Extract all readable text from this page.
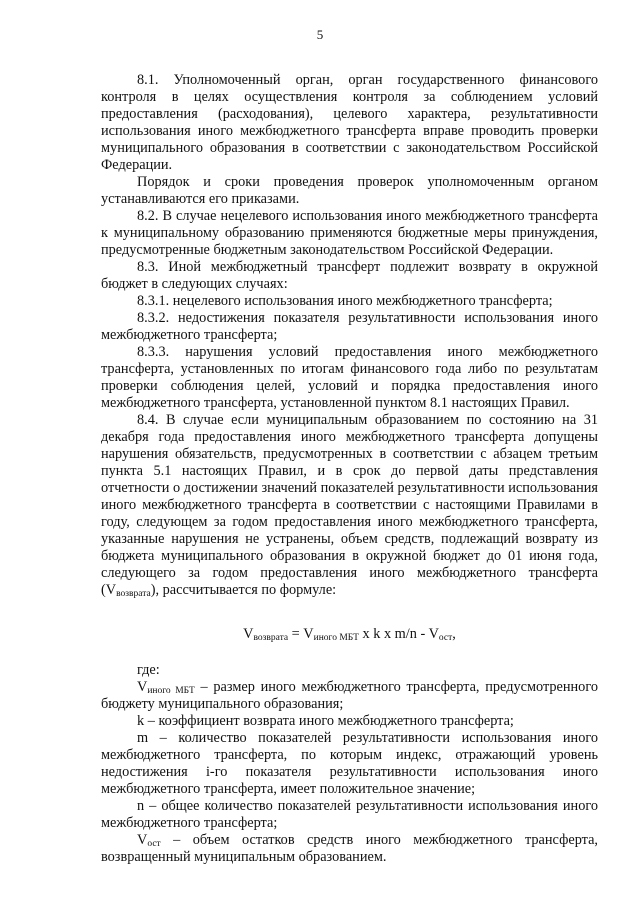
5

8.1. Уполномоченный орган, орган государственного финансового контроля в целях осуществления контроля за соблюдением условий предоставления (расходования), целевого характера, результативности использования иного межбюджетного трансферта вправе проводить проверки муниципального образования в соответствии с законодательством Российской Федерации.

Порядок и сроки проведения проверок уполномоченным органом устанавливаются его приказами.

8.2. В случае нецелевого использования иного межбюджетного трансферта к муниципальному образованию применяются бюджетные меры принуждения, предусмотренные бюджетным законодательством Российской Федерации.

8.3. Иной межбюджетный трансферт подлежит возврату в окружной бюджет в следующих случаях:

8.3.1. нецелевого использования иного межбюджетного трансферта;

8.3.2. недостижения показателя результативности использования иного межбюджетного трансферта;

8.3.3. нарушения условий предоставления иного межбюджетного трансферта, установленных по итогам финансового года либо по результатам проверки соблюдения целей, условий и порядка предоставления иного межбюджетного трансферта, установленной пунктом 8.1 настоящих Правил.

8.4. В случае если муниципальным образованием по состоянию на 31 декабря года предоставления иного межбюджетного трансферта допущены нарушения обязательств, предусмотренных в соответствии с абзацем третьим пункта 5.1 настоящих Правил, и в срок до первой даты представления отчетности о достижении значений показателей результативности использования иного межбюджетного трансферта в соответствии с настоящими Правилами в году, следующем за годом предоставления иного межбюджетного трансферта, указанные нарушения не устранены, объем средств, подлежащий возврату из бюджета муниципального образования в окружной бюджет до 01 июня года, следующего за годом предоставления иного межбюджетного трансферта $(V_{возврата})$, рассчитывается по формуле:

$V_{возврата} = V_{иного МБТ}$ x k x $m/n - V_{ост}$,

где:

$V_{иного МБТ}$ – размер иного межбюджетного трансферта, предусмотренного бюджету муниципального образования;

k – коэффициент возврата иного межбюджетного трансферта;

m – количество показателей результативности использования иного межбюджетного трансферта, по которым индекс, отражающий уровень недостижения i-го показателя результативности использования иного межбюджетного трансферта, имеет положительное значение;

n – общее количество показателей результативности использования иного межбюджетного трансферта;

$V_{ост}$ – объем остатков средств иного межбюджетного трансферта, возвращенный муниципальным образованием.
